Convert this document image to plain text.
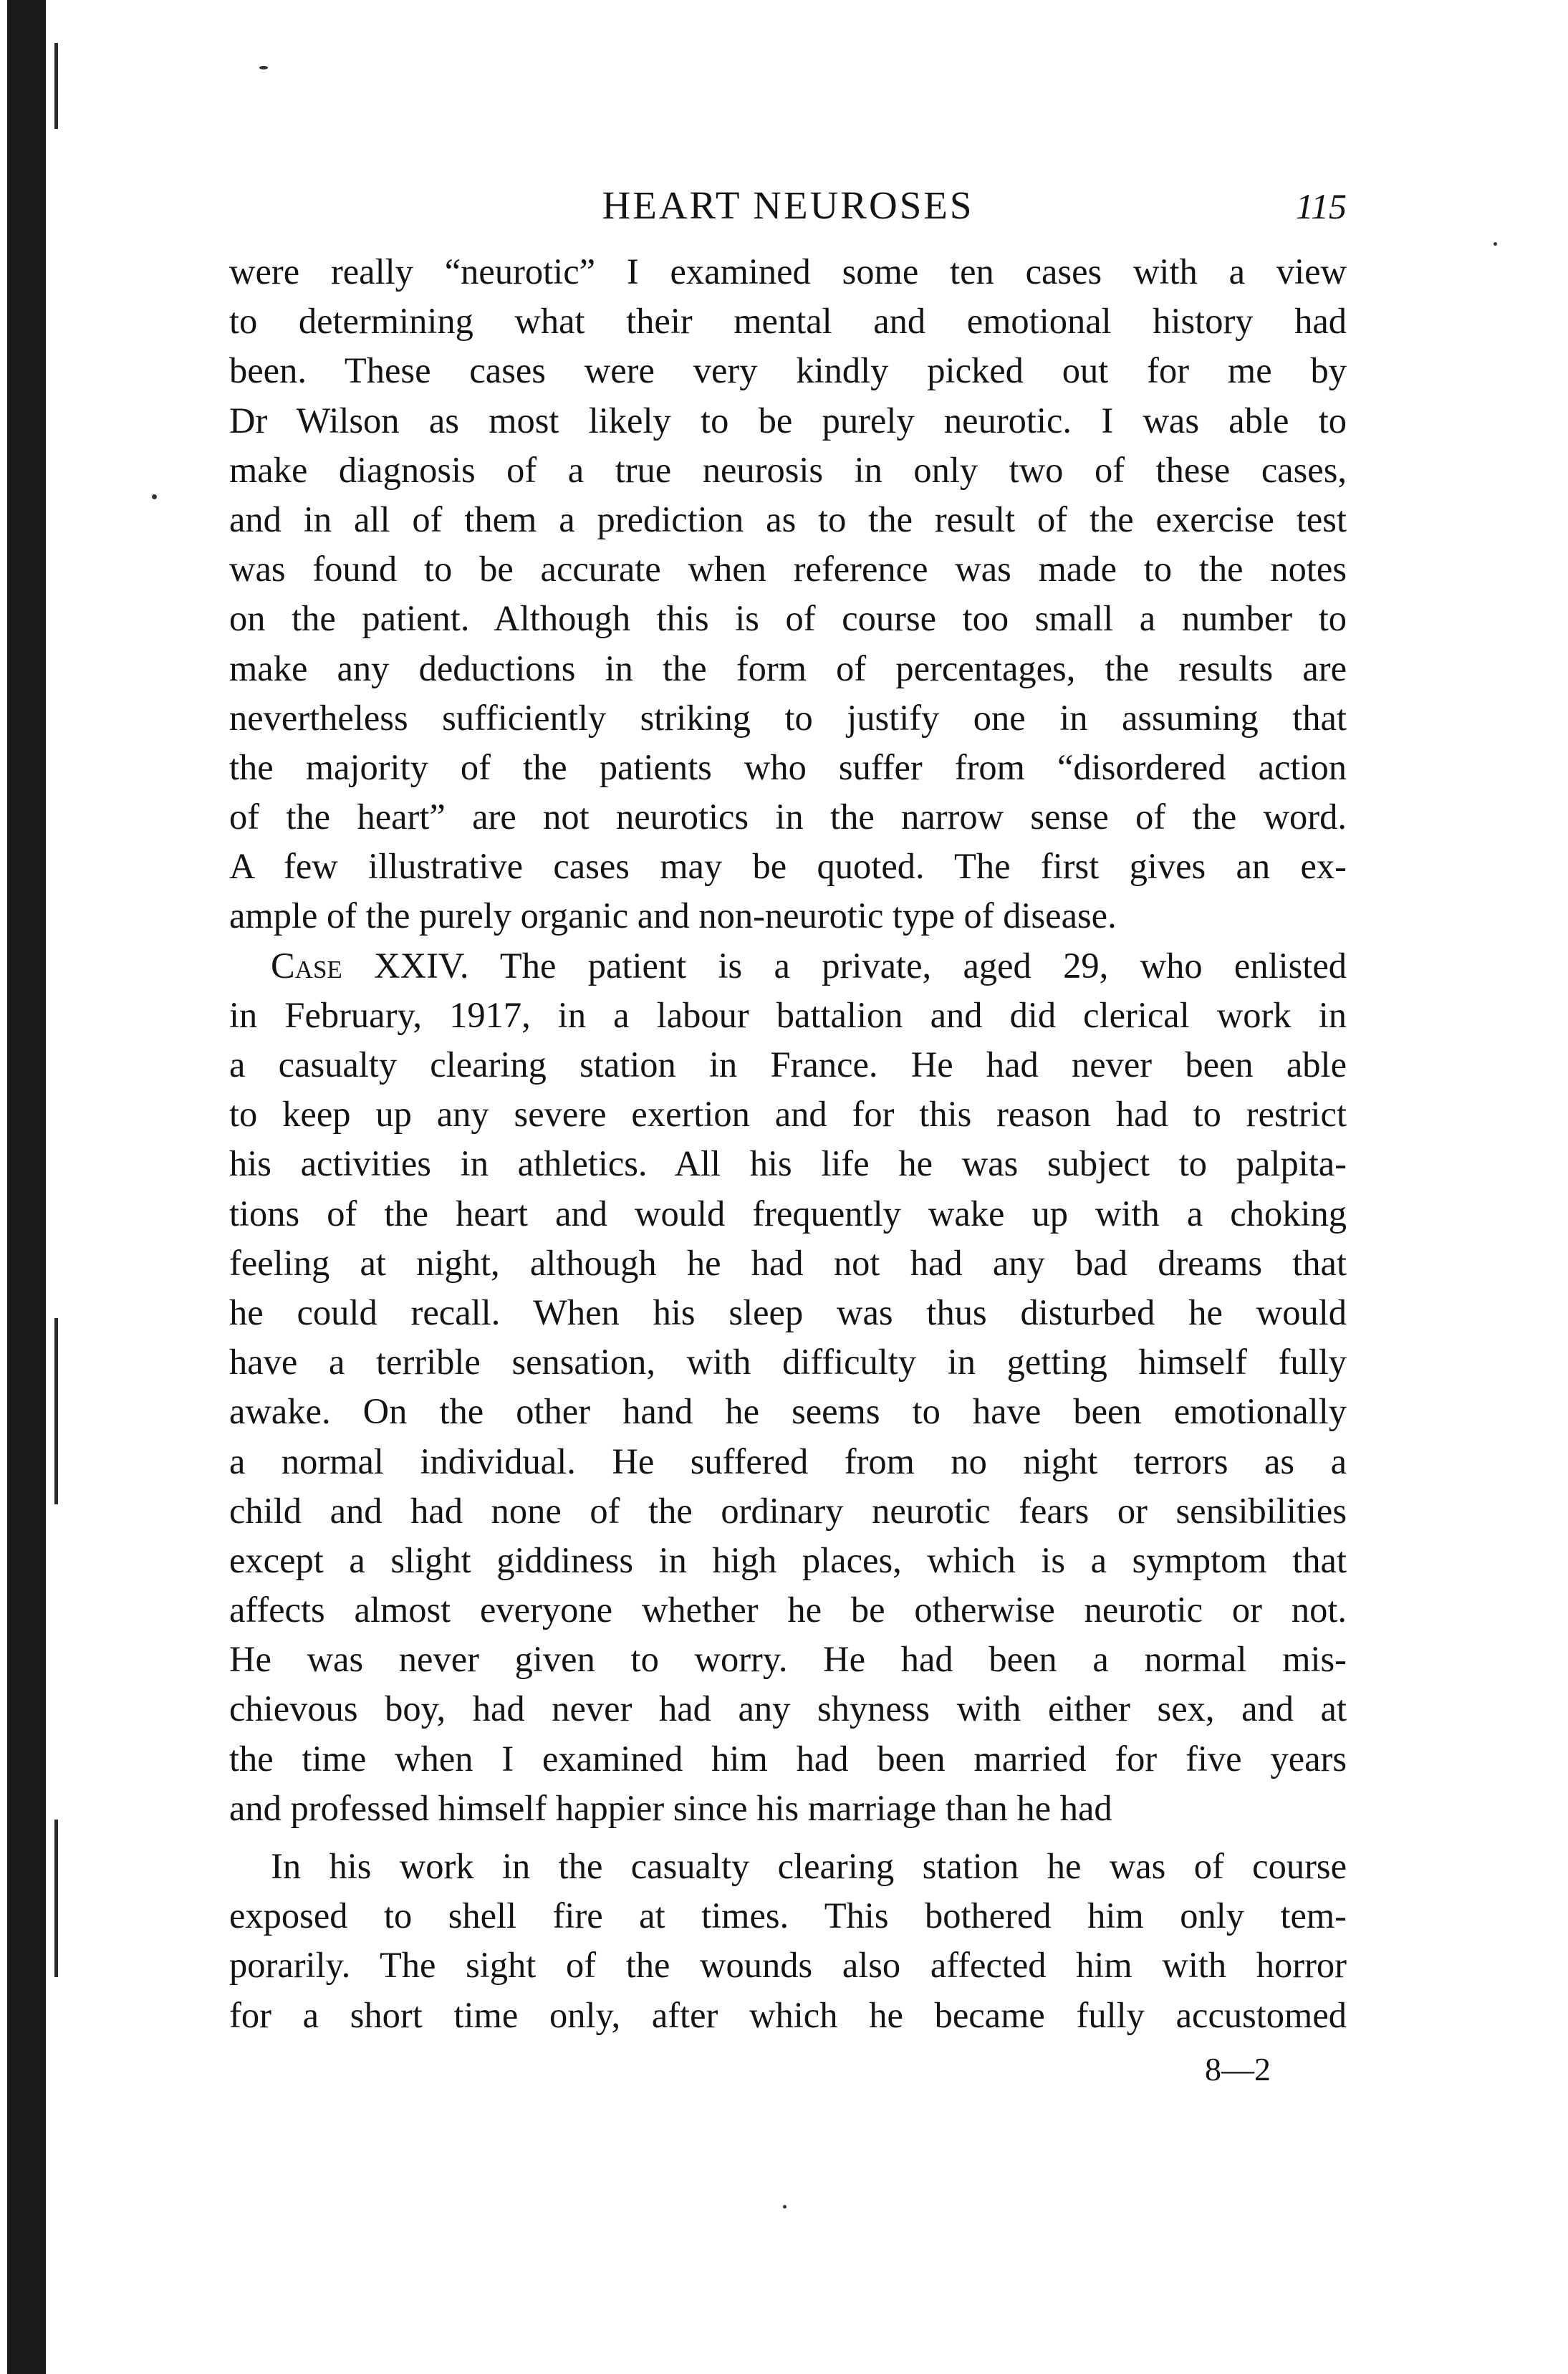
HEART NEUROSES	115
were really “neurotic” I examined some ten cases with a view
to determining what their mental and emotional history had
been. These cases were very kindly picked out for me by
Dr Wilson as most likely to be purely neurotic. I was able to
make diagnosis of a true neurosis in only two of these cases,
and in all of them a prediction as to the result of the exercise test
was found to be accurate when reference was made to the notes
on the patient. Although this is of course too small a number to
make any deductions in the form of percentages, the results are
nevertheless sufficiently striking to justify one in assuming that
the majority of the patients who suffer from “disordered action
of the heart” are not neurotics in the narrow sense of the word.
A few illustrative cases may be quoted. The first gives an ex-
ample of the purely organic and non-neurotic type of disease.
Case XXIV. The patient is a private, aged 29, who enlisted
in February, 1917, in a labour battalion and did clerical work in
a casualty clearing station in France. He had never been able
to keep up any severe exertion and for this reason had to restrict
his activities in athletics. All his life he was subject to palpita-
tions of the heart and would frequently wake up with a choking
feeling at night, although he had not had any bad dreams that
he could recall. When his sleep was thus disturbed he would
have a terrible sensation, with difficulty in getting himself fully
awake. On the other hand he seems to have been emotionally
a normal individual. He suffered from no night terrors as a
child and had none of the ordinary neurotic fears or sensibilities
except a slight giddiness in high places, which is a symptom that
affects almost everyone whether he be otherwise neurotic or not.
He was never given to worry. He had been a normal mis-
chievous boy, had never had any shyness with either sex, and at
the time when I examined him had been married for five years
and professed himself happier since his marriage than he had
In his work in the casualty clearing station he was of course
exposed to shell fire at times. This bothered him only tem-
porarily. The sight of the wounds also affected him with horror
for a short time only, after which he became fully accustomed
8—2
